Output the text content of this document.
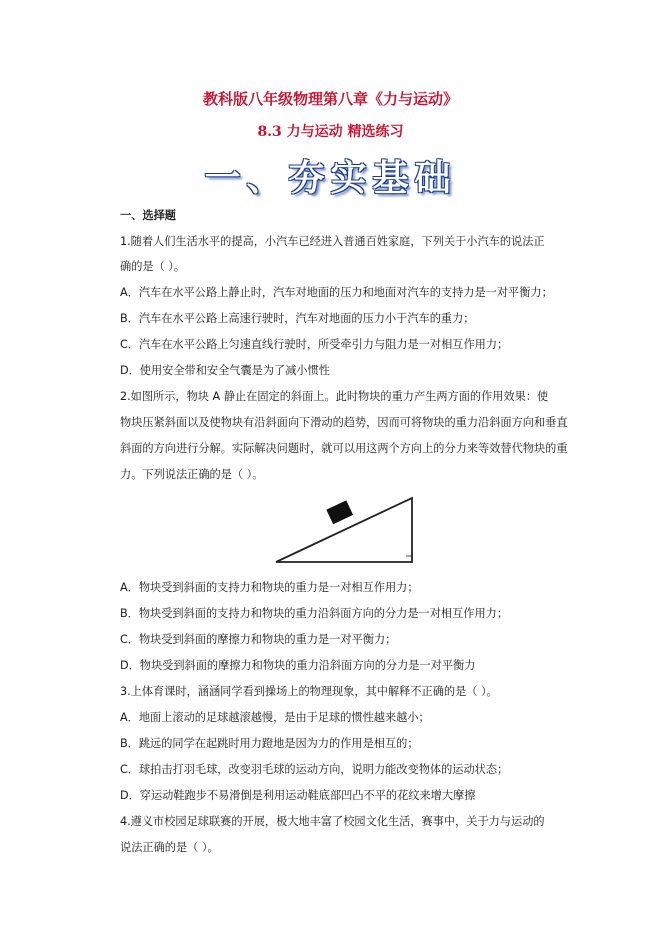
教科版八年级物理第八章《力与运动》
8.3 力与运动 精选练习
一、夯实基础
一、选择题
1.随着人们生活水平的提高，小汽车已经进入普通百姓家庭，下列关于小汽车的说法正
确的是（ ）。
A．汽车在水平公路上静止时，汽车对地面的压力和地面对汽车的支持力是一对平衡力；
B．汽车在水平公路上高速行驶时，汽车对地面的压力小于汽车的重力；
C．汽车在水平公路上匀速直线行驶时，所受牵引力与阻力是一对相互作用力；
D．使用安全带和安全气囊是为了减小惯性
2.如图所示，物块 A 静止在固定的斜面上。此时物块的重力产生两方面的作用效果：使
物块压紧斜面以及使物块有沿斜面向下滑动的趋势，因而可将物块的重力沿斜面方向和垂直
斜面的方向进行分解。实际解决问题时，就可以用这两个方向上的分力来等效替代物块的重
力。下列说法正确的是（ ）。
A．物块受到斜面的支持力和物块的重力是一对相互作用力；
B．物块受到斜面的支持力和物块的重力沿斜面方向的分力是一对相互作用力；
C．物块受到斜面的摩擦力和物块的重力是一对平衡力；
D．物块受到斜面的摩擦力和物块的重力沿斜面方向的分力是一对平衡力
3.上体育课时，涵涵同学看到操场上的物理现象，其中解释不正确的是（ ）。
A．地面上滚动的足球越滚越慢，是由于足球的惯性越来越小；
B．跳远的同学在起跳时用力蹬地是因为力的作用是相互的；
C．球拍击打羽毛球，改变羽毛球的运动方向，说明力能改变物体的运动状态；
D．穿运动鞋跑步不易滑倒是利用运动鞋底部凹凸不平的花纹来增大摩擦
4.遵义市校园足球联赛的开展，极大地丰富了校园文化生活，赛事中，关于力与运动的
说法正确的是（ ）。
